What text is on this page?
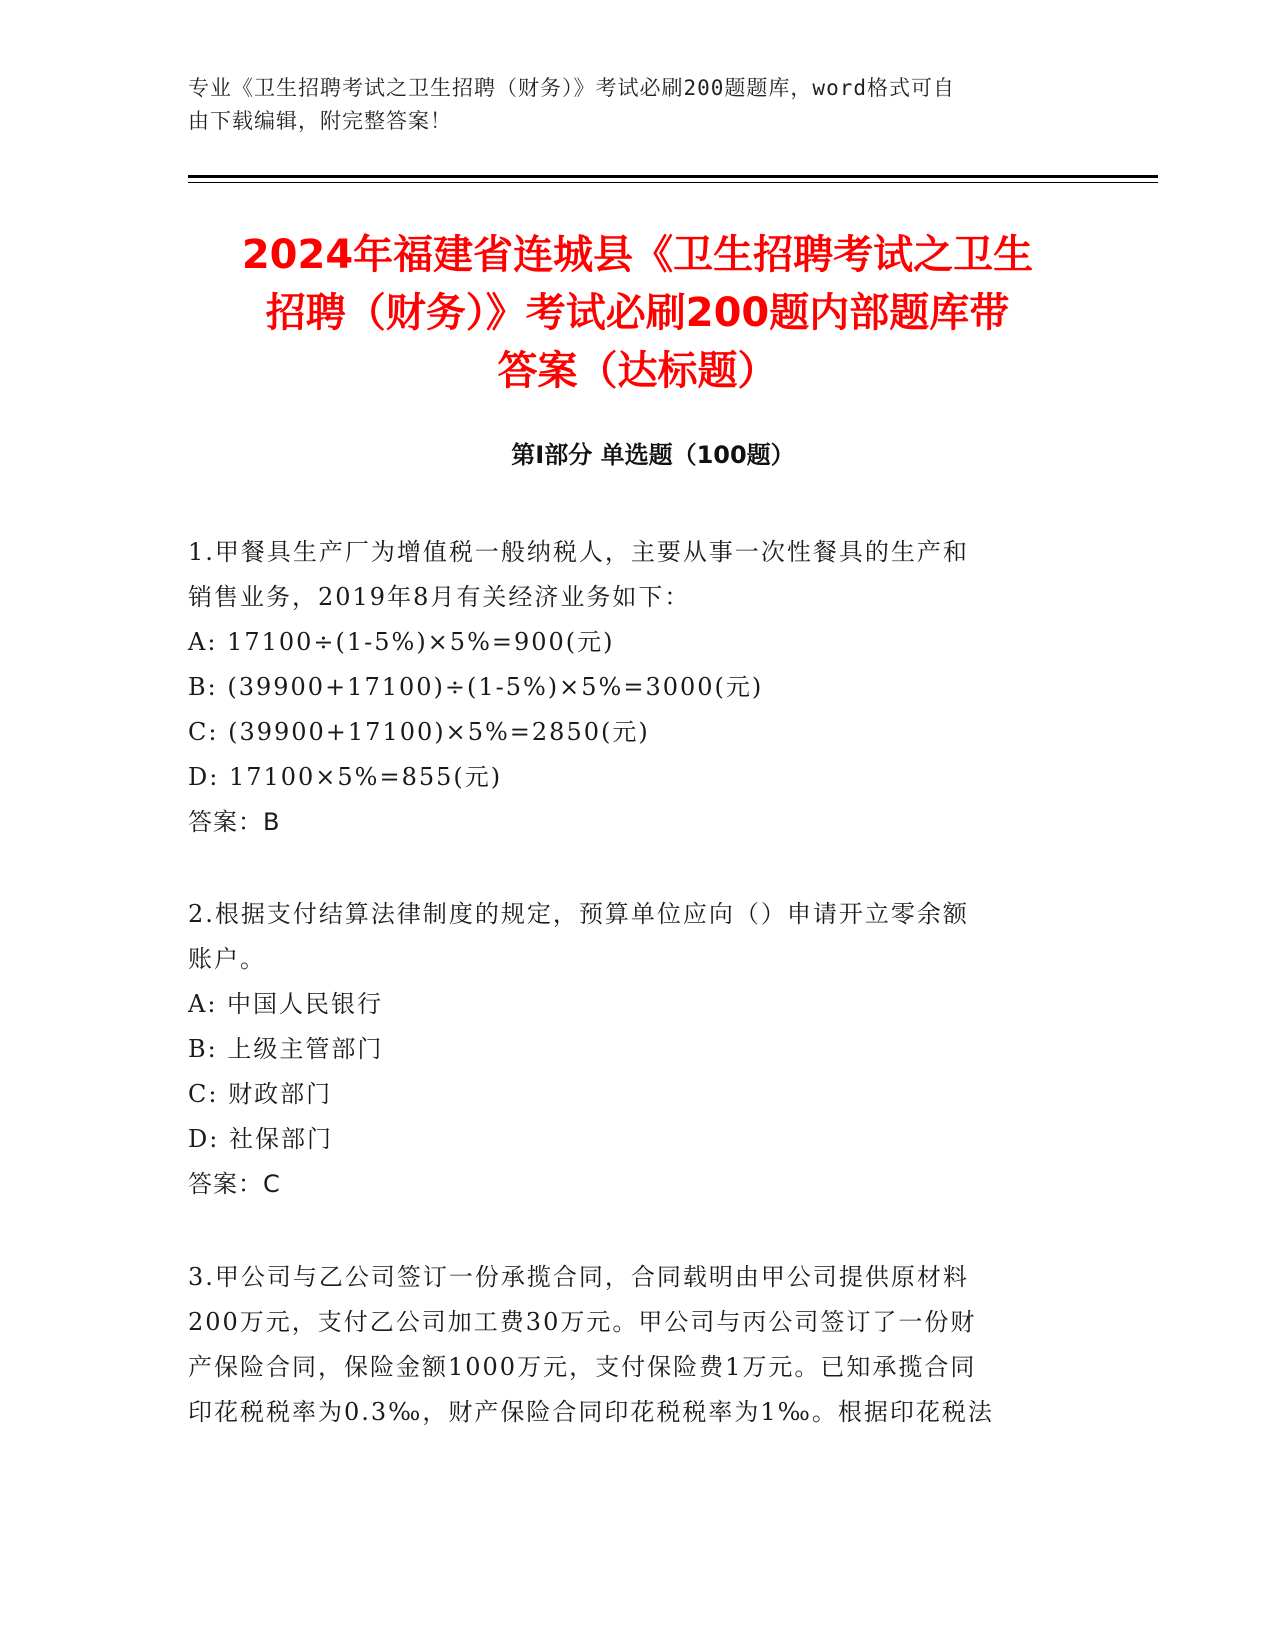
专业《卫生招聘考试之卫生招聘（财务）》考试必刷200题题库，word格式可自
由下载编辑，附完整答案！
2024年福建省连城县《卫生招聘考试之卫生
招聘（财务）》考试必刷200题内部题库带
答案（达标题）
第Ⅰ部分 单选题（100题）

1.甲餐具生产厂为增值税一般纳税人，主要从事一次性餐具的生产和

销售业务，2019年8月有关经济业务如下：

A: 17100÷(1-5%)×5%=900(元)

B: (39900+17100)÷(1-5%)×5%=3000(元)

C: (39900+17100)×5%=2850(元)

D: 17100×5%=855(元)

答案：B

2.根据支付结算法律制度的规定，预算单位应向（）申请开立零余额

账户。

A: 中国人民银行

B: 上级主管部门

C: 财政部门

D: 社保部门

答案：C

3.甲公司与乙公司签订一份承揽合同，合同载明由甲公司提供原材料

200万元，支付乙公司加工费30万元。甲公司与丙公司签订了一份财

产保险合同，保险金额1000万元，支付保险费1万元。已知承揽合同

印花税税率为0.3‰，财产保险合同印花税税率为1‰。根据印花税法
